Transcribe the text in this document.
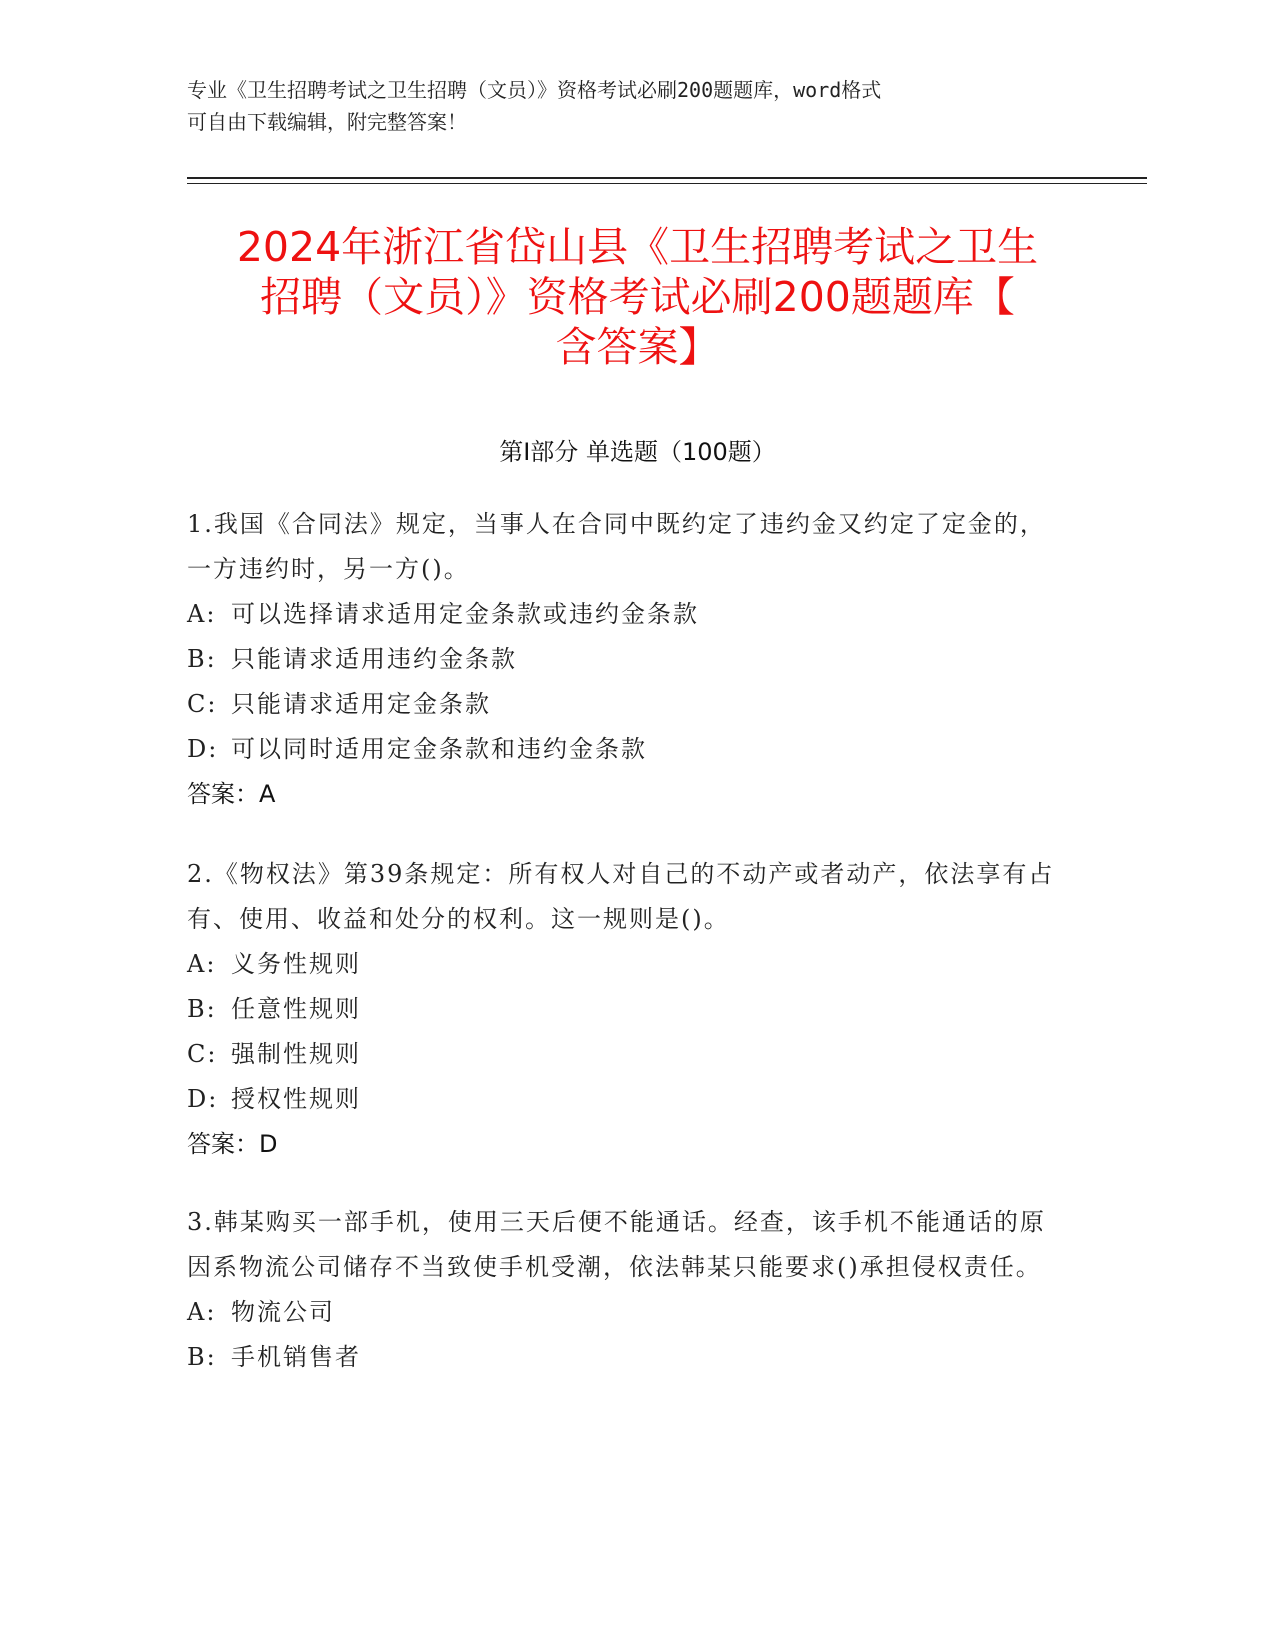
专业《卫生招聘考试之卫生招聘（文员）》资格考试必刷200题题库，word格式
可自由下载编辑，附完整答案！
2024年浙江省岱山县《卫生招聘考试之卫生
招聘（文员）》资格考试必刷200题题库【
含答案】
第Ⅰ部分 单选题（100题）

1.我国《合同法》规定，当事人在合同中既约定了违约金又约定了定金的，一方违约时，另一方()。

A: 可以选择请求适用定金条款或违约金条款

B: 只能请求适用违约金条款

C: 只能请求适用定金条款

D: 可以同时适用定金条款和违约金条款

答案：A

2.《物权法》第39条规定：所有权人对自己的不动产或者动产，依法享有占有、使用、收益和处分的权利。这一规则是()。

A: 义务性规则

B: 任意性规则

C: 强制性规则

D: 授权性规则

答案：D

3.韩某购买一部手机，使用三天后便不能通话。经查，该手机不能通话的原因系物流公司储存不当致使手机受潮，依法韩某只能要求()承担侵权责任。

A: 物流公司

B: 手机销售者
